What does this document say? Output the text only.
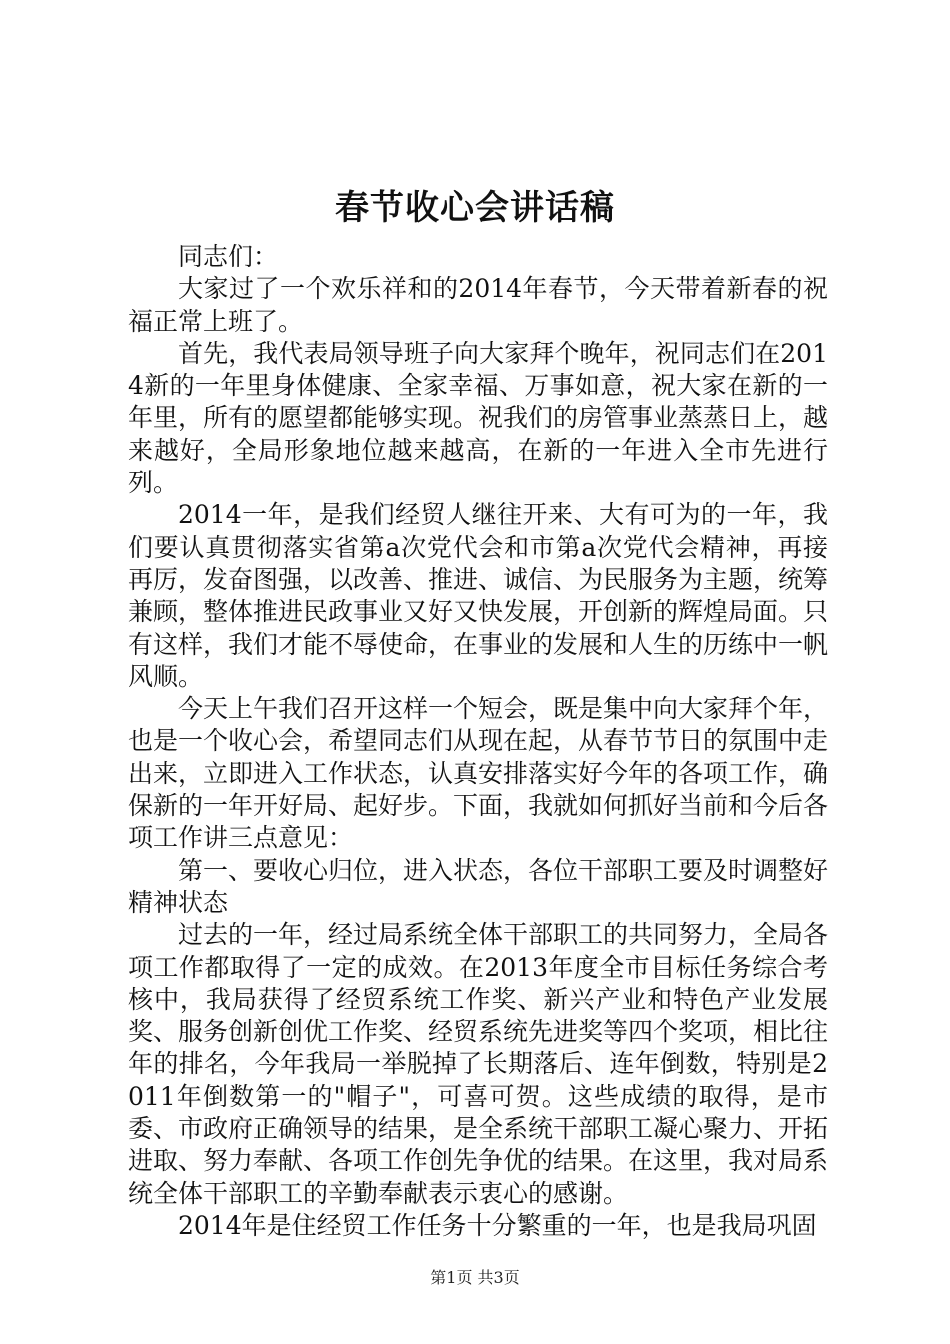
春节收心会讲话稿

同志们：

大家过了一个欢乐祥和的2014年春节，今天带着新春的祝福正常上班了。

首先，我代表局领导班子向大家拜个晚年，祝同志们在2014新的一年里身体健康、全家幸福、万事如意，祝大家在新的一年里，所有的愿望都能够实现。祝我们的房管事业蒸蒸日上，越来越好，全局形象地位越来越高，在新的一年进入全市先进行列。

2014一年，是我们经贸人继往开来、大有可为的一年，我们要认真贯彻落实省第a次党代会和市第a次党代会精神，再接再厉，发奋图强，以改善、推进、诚信、为民服务为主题，统筹兼顾，整体推进民政事业又好又快发展，开创新的辉煌局面。只有这样，我们才能不辱使命，在事业的发展和人生的历练中一帆风顺。

今天上午我们召开这样一个短会，既是集中向大家拜个年，也是一个收心会，希望同志们从现在起，从春节节日的氛围中走出来，立即进入工作状态，认真安排落实好今年的各项工作，确保新的一年开好局、起好步。下面，我就如何抓好当前和今后各项工作讲三点意见：

第一、要收心归位，进入状态，各位干部职工要及时调整好精神状态

过去的一年，经过局系统全体干部职工的共同努力，全局各项工作都取得了一定的成效。在2013年度全市目标任务综合考核中，我局获得了经贸系统工作奖、新兴产业和特色产业发展奖、服务创新创优工作奖、经贸系统先进奖等四个奖项，相比往年的排名，今年我局一举脱掉了长期落后、连年倒数，特别是2011年倒数第一的"帽子"，可喜可贺。这些成绩的取得，是市委、市政府正确领导的结果，是全系统干部职工凝心聚力、开拓进取、努力奉献、各项工作创先争优的结果。在这里，我对局系统全体干部职工的辛勤奉献表示衷心的感谢。

2014年是住经贸工作任务十分繁重的一年，也是我局巩固

第1页 共3页
